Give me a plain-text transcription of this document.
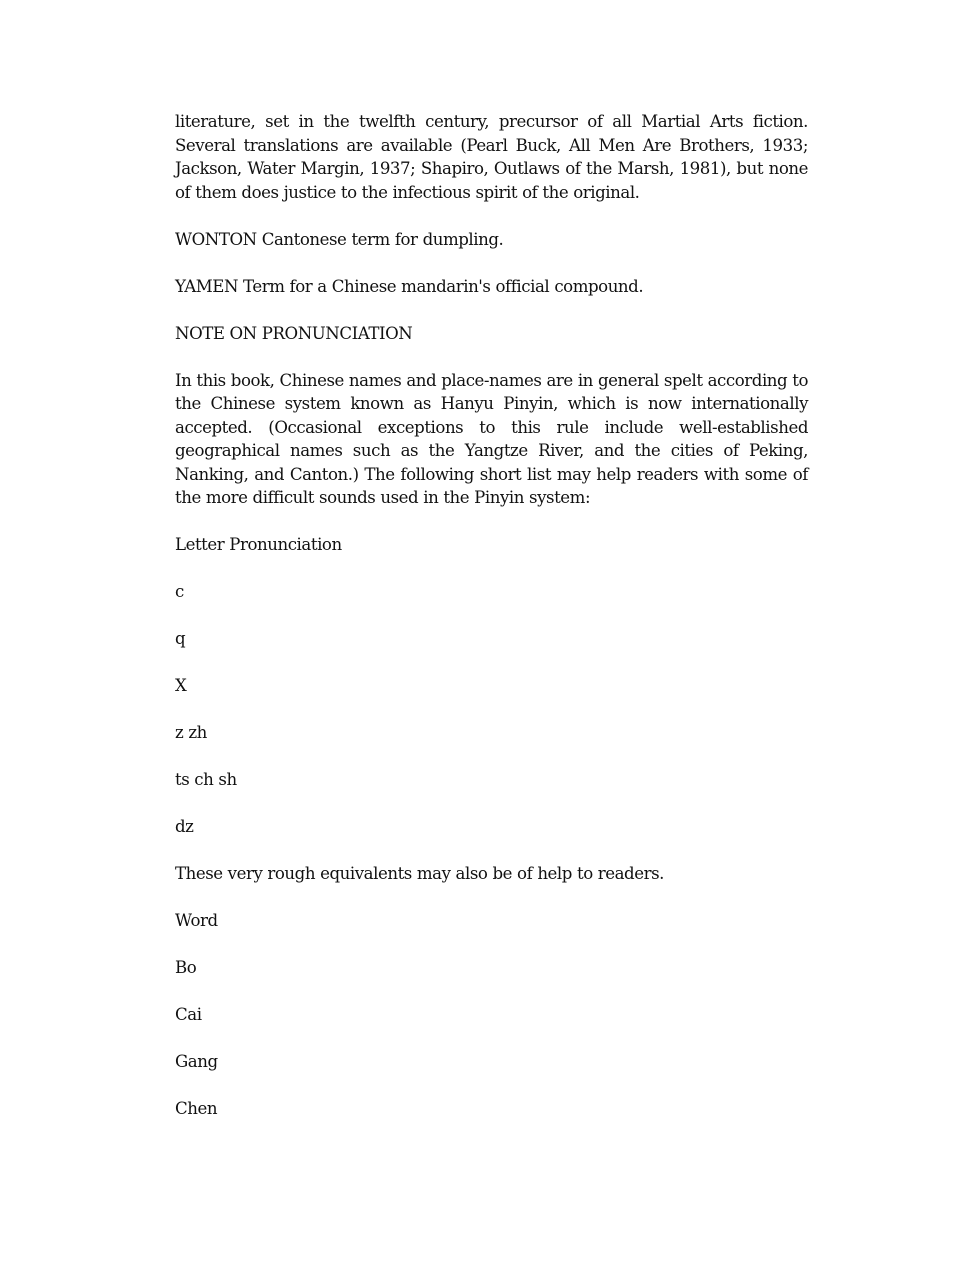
literature, set in the twelfth century, precursor of all Martial Arts fiction. Several translations are available (Pearl Buck, All Men Are Brothers, 1933; Jackson, Water Margin, 1937; Shapiro, Outlaws of the Marsh, 1981), but none of them does justice to the infectious spirit of the original.

WONTON Cantonese term for dumpling.

YAMEN Term for a Chinese mandarin's official compound.

NOTE ON PRONUNCIATION

In this book, Chinese names and place-names are in general spelt according to the Chinese system known as Hanyu Pinyin, which is now internationally accepted. (Occasional exceptions to this rule include well-established geographical names such as the Yangtze River, and the cities of Peking, Nanking, and Canton.) The following short list may help readers with some of the more difficult sounds used in the Pinyin system:

Letter Pronunciation

c

q

X

z zh

ts ch sh

dz

These very rough equivalents may also be of help to readers.

Word

Bo

Cai

Gang

Chen
